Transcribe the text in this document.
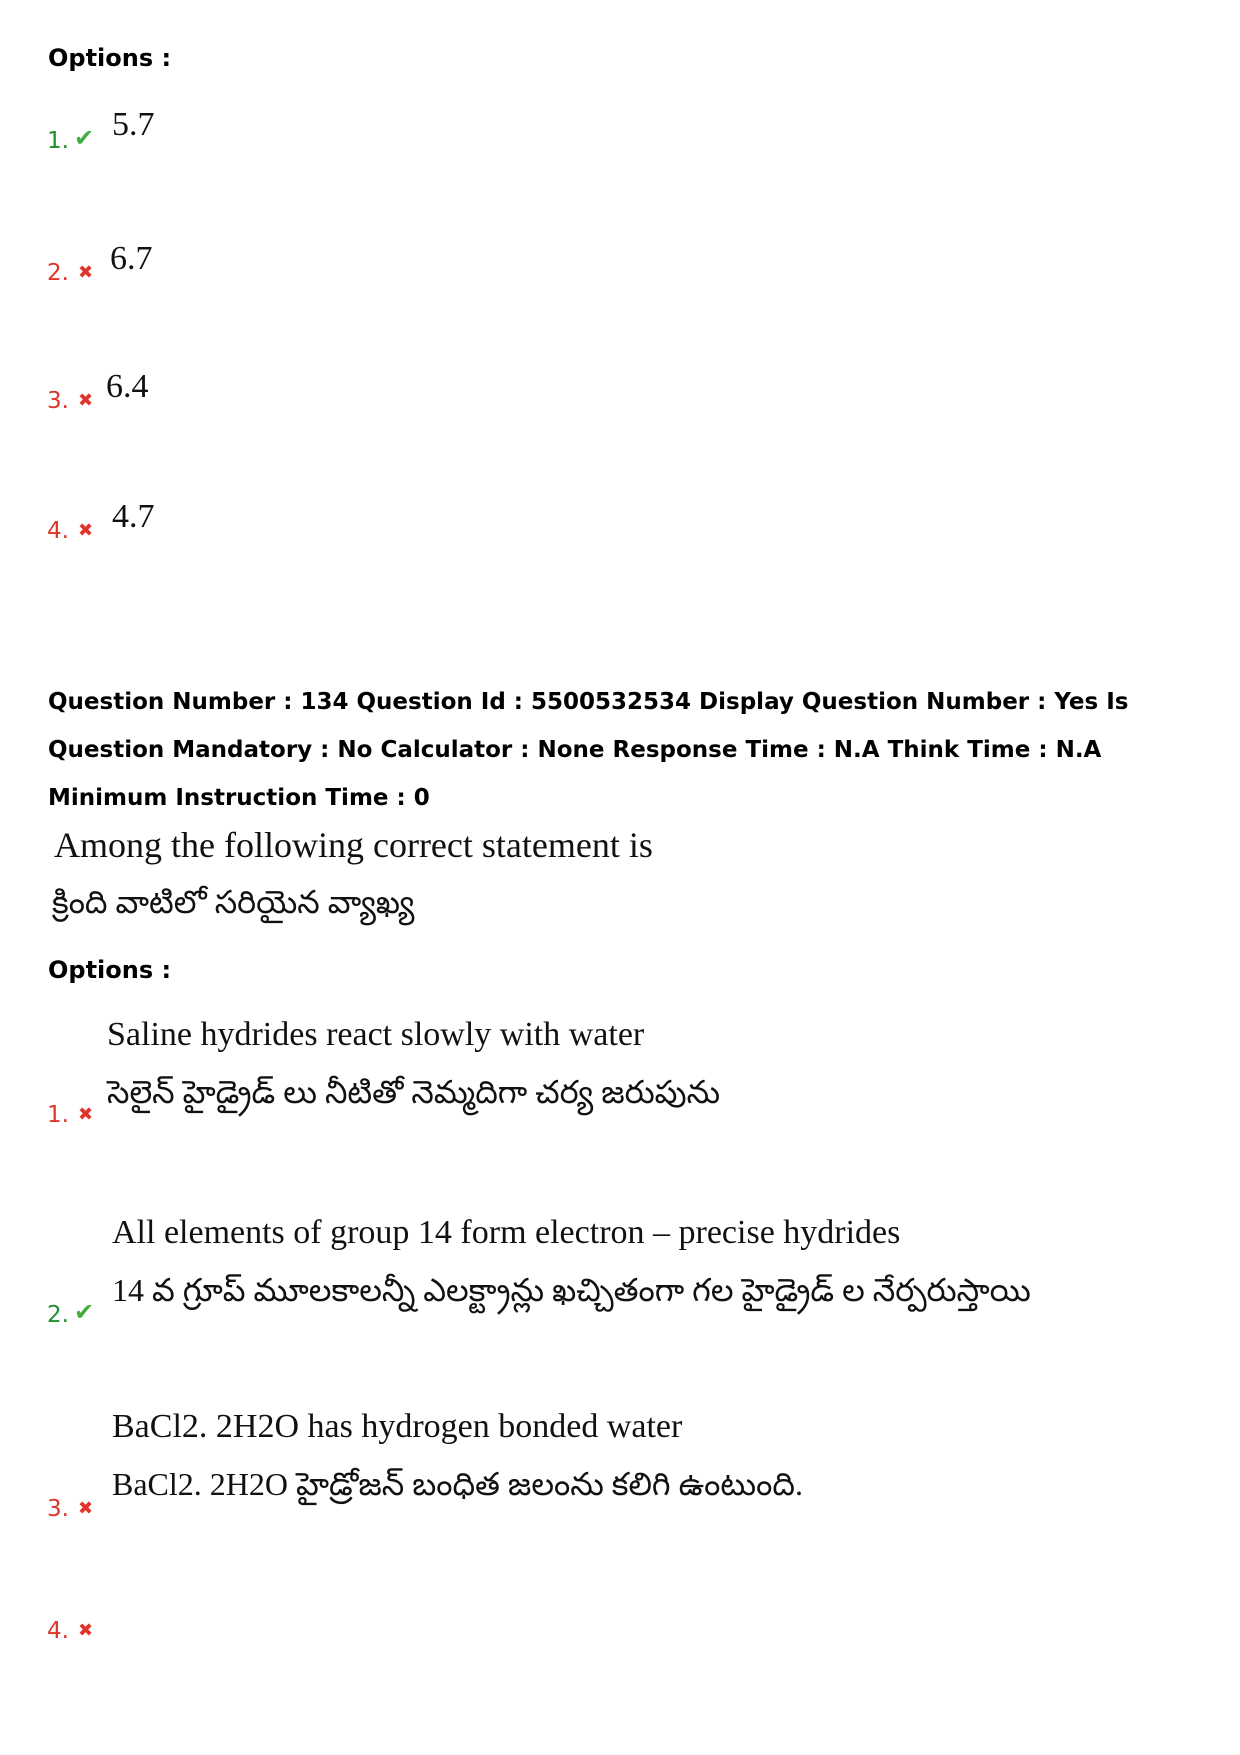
Options :
1. ✔ 5.7
2. ✖ 6.7
3. ✖ 6.4
4. ✖ 4.7
Question Number : 134 Question Id : 5500532534 Display Question Number : Yes Is Question Mandatory : No Calculator : None Response Time : N.A Think Time : N.A Minimum Instruction Time : 0
Among the following correct statement is
క్రింది వాటిలో సరియైన వ్యాఖ్య
Options :
Saline hydrides react slowly with water
సెలైన్ హైడ్రైడ్ లు నీటితో నెమ్మదిగా చర్య జరుపును
1. ✖
All elements of group 14 form electron – precise hydrides
14 వ గ్రూప్ మూలకాలన్నీ ఎలక్ట్రాన్లు ఖచ్చితంగా గల హైడ్రైడ్ ల నేర్పరుస్తాయి
2. ✔
BaCl2. 2H2O has hydrogen bonded water
BaCl2. 2H2O హైడ్రోజన్ బంధిత జలంను కలిగి ఉంటుంది.
3. ✖
4. ✖
